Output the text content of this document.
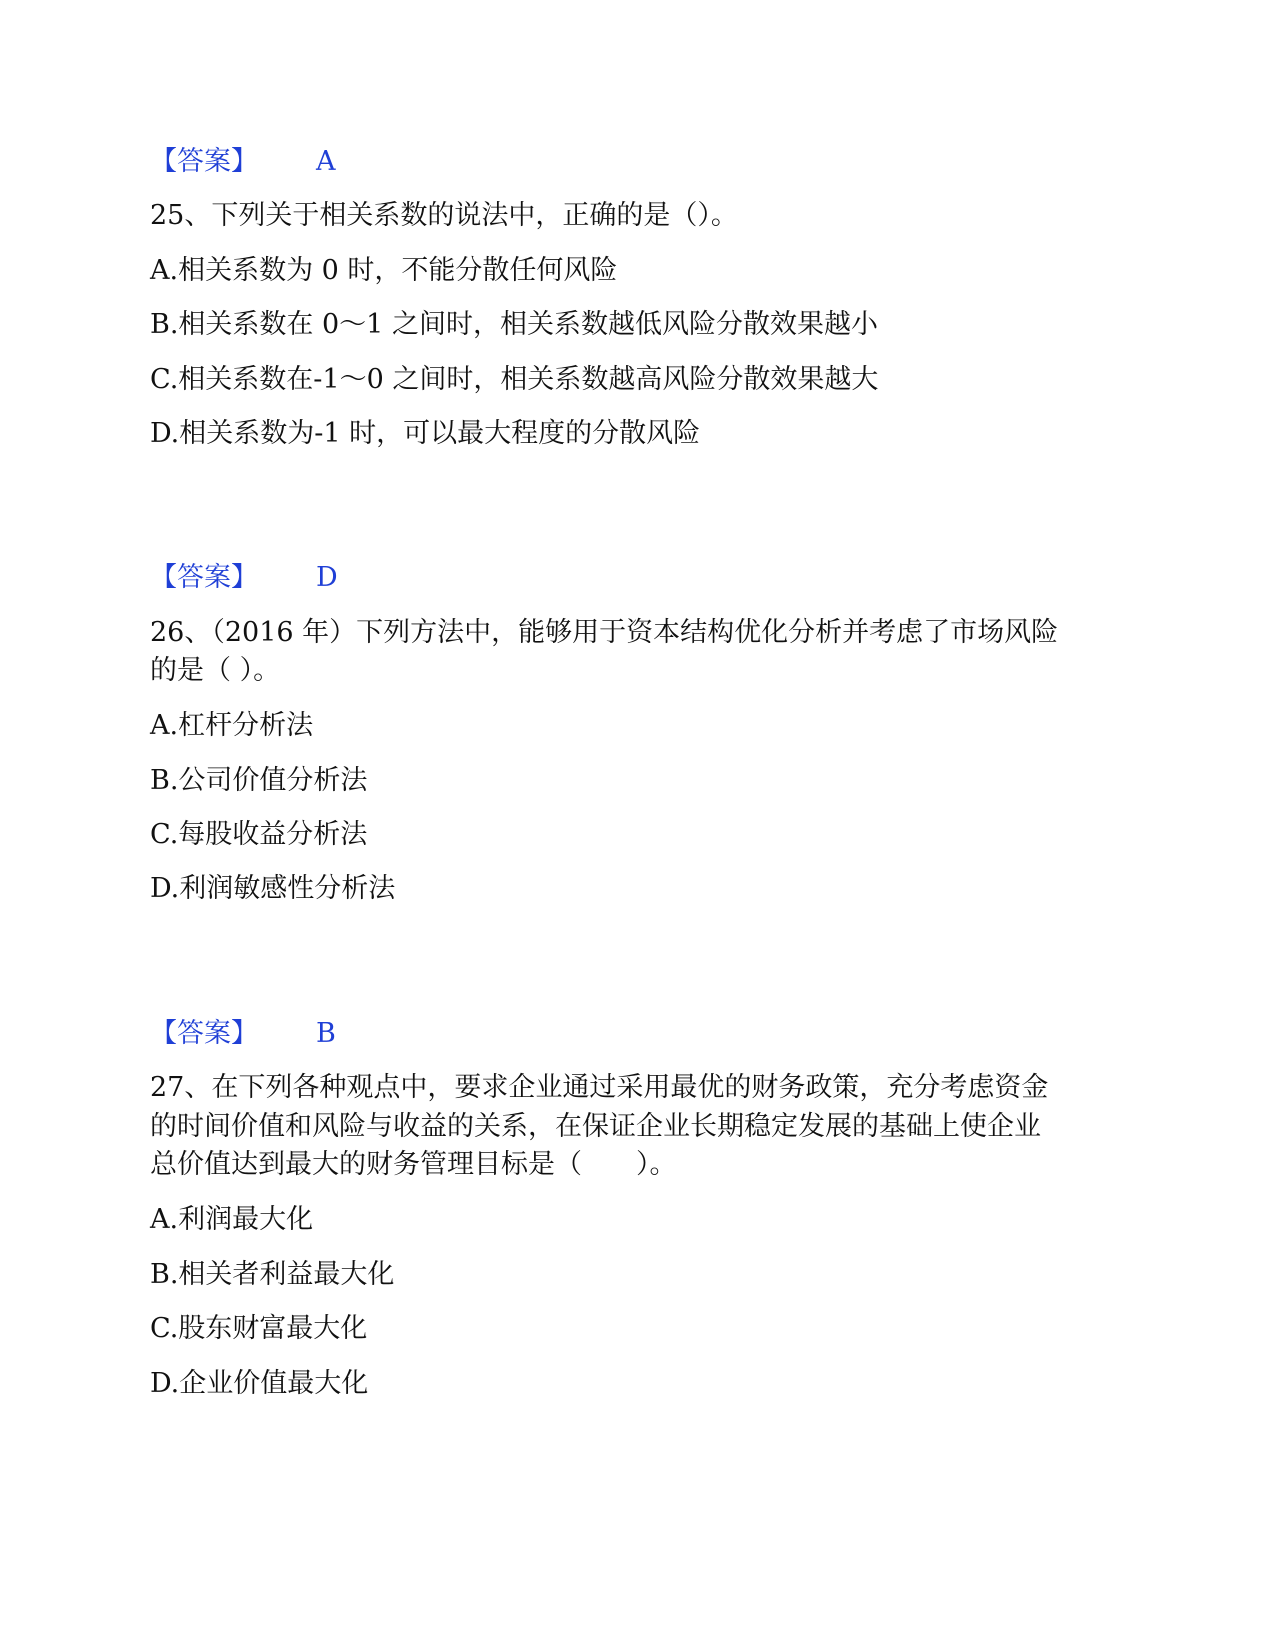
【答案】 A
25、下列关于相关系数的说法中，正确的是（）。
A.相关系数为 0 时，不能分散任何风险
B.相关系数在 0～1 之间时，相关系数越低风险分散效果越小
C.相关系数在-1～0 之间时，相关系数越高风险分散效果越大
D.相关系数为-1 时，可以最大程度的分散风险
【答案】 D
26、（2016 年）下列方法中，能够用于资本结构优化分析并考虑了市场风险
的是（ ）。
A.杠杆分析法
B.公司价值分析法
C.每股收益分析法
D.利润敏感性分析法
【答案】 B
27、在下列各种观点中，要求企业通过采用最优的财务政策，充分考虑资金
的时间价值和风险与收益的关系，在保证企业长期稳定发展的基础上使企业
总价值达到最大的财务管理目标是（　　）。
A.利润最大化
B.相关者利益最大化
C.股东财富最大化
D.企业价值最大化
